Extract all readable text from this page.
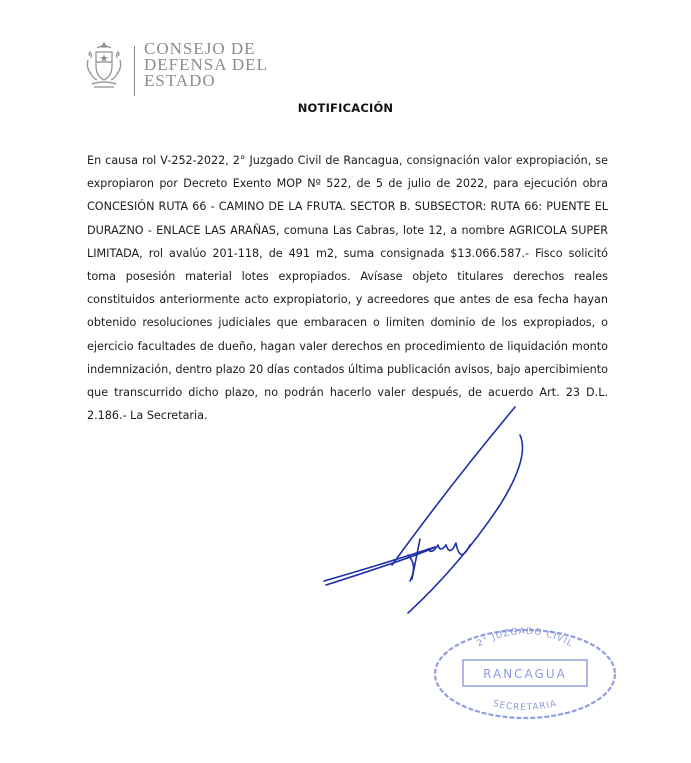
CONSEJO DE
DEFENSA DEL
ESTADO
NOTIFICACIÓN
En causa rol V-252-2022, 2° Juzgado Civil de Rancagua, consignación valor expropiación, se expropiaron por Decreto Exento MOP Nº 522, de 5 de julio de 2022, para ejecución obra CONCESIÓN RUTA 66 - CAMINO DE LA FRUTA. SECTOR B. SUBSECTOR: RUTA 66: PUENTE EL DURAZNO - ENLACE LAS ARAÑAS, comuna Las Cabras, lote 12, a nombre AGRICOLA SUPER LIMITADA, rol avalúo 201-118, de 491 m2, suma consignada $13.066.587.- Fisco solicitó toma posesión material lotes expropiados. Avísase objeto titulares derechos reales constituidos anteriormente acto expropiatorio, y acreedores que antes de esa fecha hayan obtenido resoluciones judiciales que embaracen o limiten dominio de los expropiados, o ejercicio facultades de dueño, hagan valer derechos en procedimiento de liquidación monto indemnización, dentro plazo 20 días contados última publicación avisos, bajo apercibimiento que transcurrido dicho plazo, no podrán hacerlo valer después, de acuerdo Art. 23 D.L. 2.186.- La Secretaria.
2° JUZGADO CIVIL
RANCAGUA
SECRETARIA
